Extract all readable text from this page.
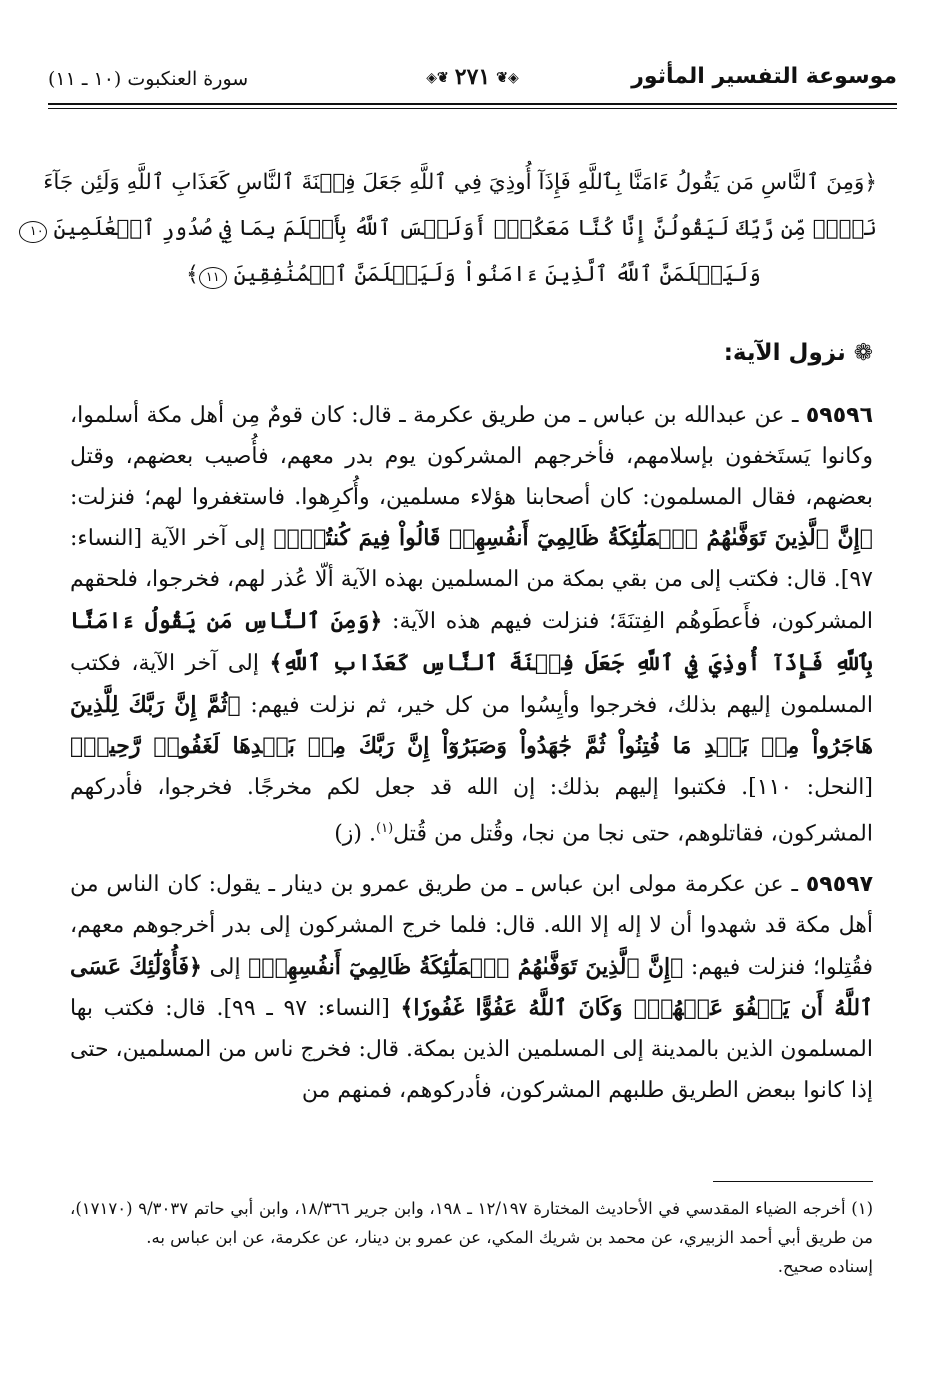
موسوعة التفسير المأثور
◈❦٢٧١❦◈
سورة العنكبوت (١٠ ـ ١١)
﴿وَمِنَ ٱلنَّاسِ مَن يَقُولُ ءَامَنَّا بِٱللَّهِ فَإِذَآ أُوذِيَ فِي ٱللَّهِ جَعَلَ فِتۡنَةَ ٱلنَّاسِ كَعَذَابِ ٱللَّهِ وَلَئِن جَآءَ
نَصۡرٞ مِّن رَّبِّكَ لَيَقُولُنَّ إِنَّا كُنَّا مَعَكُمۡۚ أَوَلَيۡسَ ٱللَّهُ بِأَعۡلَمَ بِمَا فِي صُدُورِ ٱلۡعَٰلَمِينَ ١٠
وَلَيَعۡلَمَنَّ ٱللَّهُ ٱلَّذِينَ ءَامَنُواْ وَلَيَعۡلَمَنَّ ٱلۡمُنَٰفِقِينَ ١١﴾
❁نزول الآية:

٥٩٥٩٦ ـ عن عبدالله بن عباس ـ من طريق عكرمة ـ قال: كان قومٌ مِن أهل مكة أسلموا، وكانوا يَستَخفون بإسلامهم، فأخرجهم المشركون يوم بدر معهم، فأُصيب بعضهم، وقتل بعضهم، فقال المسلمون: كان أصحابنا هؤلاء مسلمين، وأُكرِهوا. فاستغفروا لهم؛ فنزلت: ﴿إِنَّ ٱلَّذِينَ تَوَفَّىٰهُمُ ٱلۡمَلَٰٓئِكَةُ ظَالِمِيٓ أَنفُسِهِمۡ قَالُواْ فِيمَ كُنتُمۡۖ﴾ إلى آخر الآية [النساء: ٩٧]. قال: فكتب إلى من بقي بمكة من المسلمين بهذه الآية ألّا عُذر لهم، فخرجوا، فلحقهم المشركون، فأَعطَوهُم الفِتنَةَ؛ فنزلت فيهم هذه الآية: ﴿وَمِنَ ٱلنَّاسِ مَن يَقُولُ ءَامَنَّا بِٱللَّهِ فَإِذَآ أُوذِيَ فِي ٱللَّهِ جَعَلَ فِتۡنَةَ ٱلنَّاسِ كَعَذَابِ ٱللَّهِ﴾ إلى آخر الآية، فكتب المسلمون إليهم بذلك، فخرجوا وأيِسُوا من كل خير، ثم نزلت فيهم: ﴿ثُمَّ إِنَّ رَبَّكَ لِلَّذِينَ هَاجَرُواْ مِنۢ بَعۡدِ مَا فُتِنُواْ ثُمَّ جَٰهَدُواْ وَصَبَرُوٓاْ إِنَّ رَبَّكَ مِنۢ بَعۡدِهَا لَغَفُورٞ رَّحِيمٞ﴾ [النحل: ١١٠]. فكتبوا إليهم بذلك: إن الله قد جعل لكم مخرجًا. فخرجوا، فأدركهم المشركون، فقاتلوهم، حتى نجا من نجا، وقُتل من قُتل$^{(١)}$. (ز)

٥٩٥٩٧ ـ عن عكرمة مولى ابن عباس ـ من طريق عمرو بن دينار ـ يقول: كان الناس من أهل مكة قد شهدوا أن لا إله إلا الله. قال: فلما خرج المشركون إلى بدر أخرجوهم معهم، فقُتِلوا؛ فنزلت فيهم: ﴿إِنَّ ٱلَّذِينَ تَوَفَّىٰهُمُ ٱلۡمَلَٰٓئِكَةُ ظَالِمِيٓ أَنفُسِهِمۡ﴾ إلى ﴿فَأُوْلَٰٓئِكَ عَسَى ٱللَّهُ أَن يَعۡفُوَ عَنۡهُمۡۚ وَكَانَ ٱللَّهُ عَفُوًّا غَفُورٗا﴾ [النساء: ٩٧ ـ ٩٩]. قال: فكتب بها المسلمون الذين بالمدينة إلى المسلمين الذين بمكة. قال: فخرج ناس من المسلمين، حتى إذا كانوا ببعض الطريق طلبهم المشركون، فأدركوهم، فمنهم من

(١) أخرجه الضياء المقدسي في الأحاديث المختارة ١٢/١٩٧ ـ ١٩٨، وابن جرير ١٨/٣٦٦، وابن أبي حاتم ٩/٣٠٣٧ (١٧١٧٠)، من طريق أبي أحمد الزبيري، عن محمد بن شريك المكي، عن عمرو بن دينار، عن عكرمة، عن ابن عباس به.

إسناده صحيح.
